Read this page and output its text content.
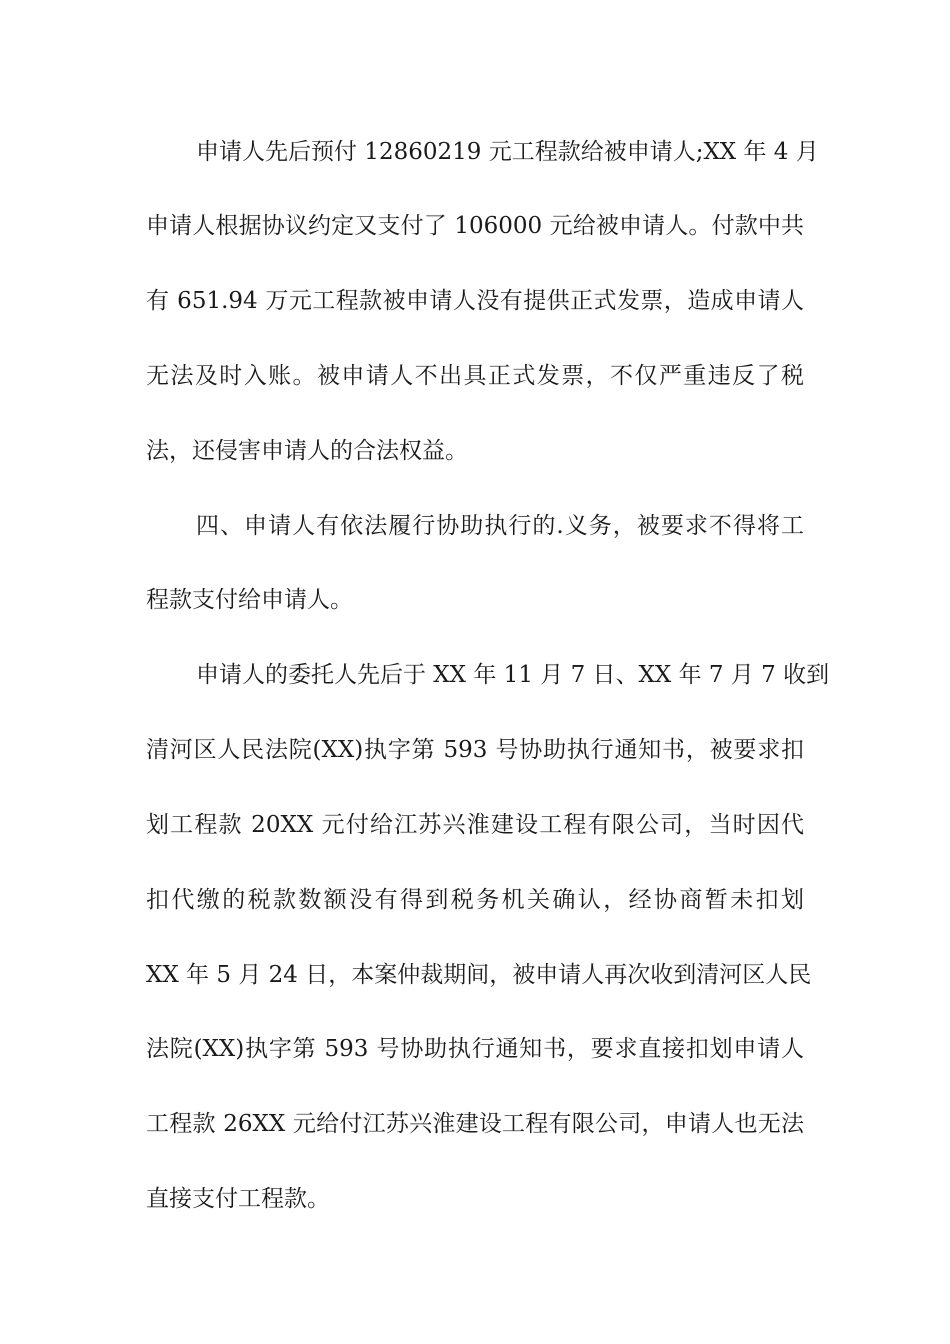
申请人先后预付 12860219 元工程款给被申请人;XX 年 4 月
申请人根据协议约定又支付了 106000 元给被申请人。付款中共
有 651.94 万元工程款被申请人没有提供正式发票，造成申请人
无法及时入账。被申请人不出具正式发票，不仅严重违反了税
法，还侵害申请人的合法权益。
四、申请人有依法履行协助执行的.义务，被要求不得将工
程款支付给申请人。
申请人的委托人先后于 XX 年 11 月 7 日、XX 年 7 月 7 收到
清河区人民法院(XX)执字第 593 号协助执行通知书，被要求扣
划工程款 20XX 元付给江苏兴淮建设工程有限公司，当时因代
扣代缴的税款数额没有得到税务机关确认，经协商暂未扣划
XX 年 5 月 24 日，本案仲裁期间，被申请人再次收到清河区人民
法院(XX)执字第 593 号协助执行通知书，要求直接扣划申请人
工程款 26XX 元给付江苏兴淮建设工程有限公司，申请人也无法
直接支付工程款。
